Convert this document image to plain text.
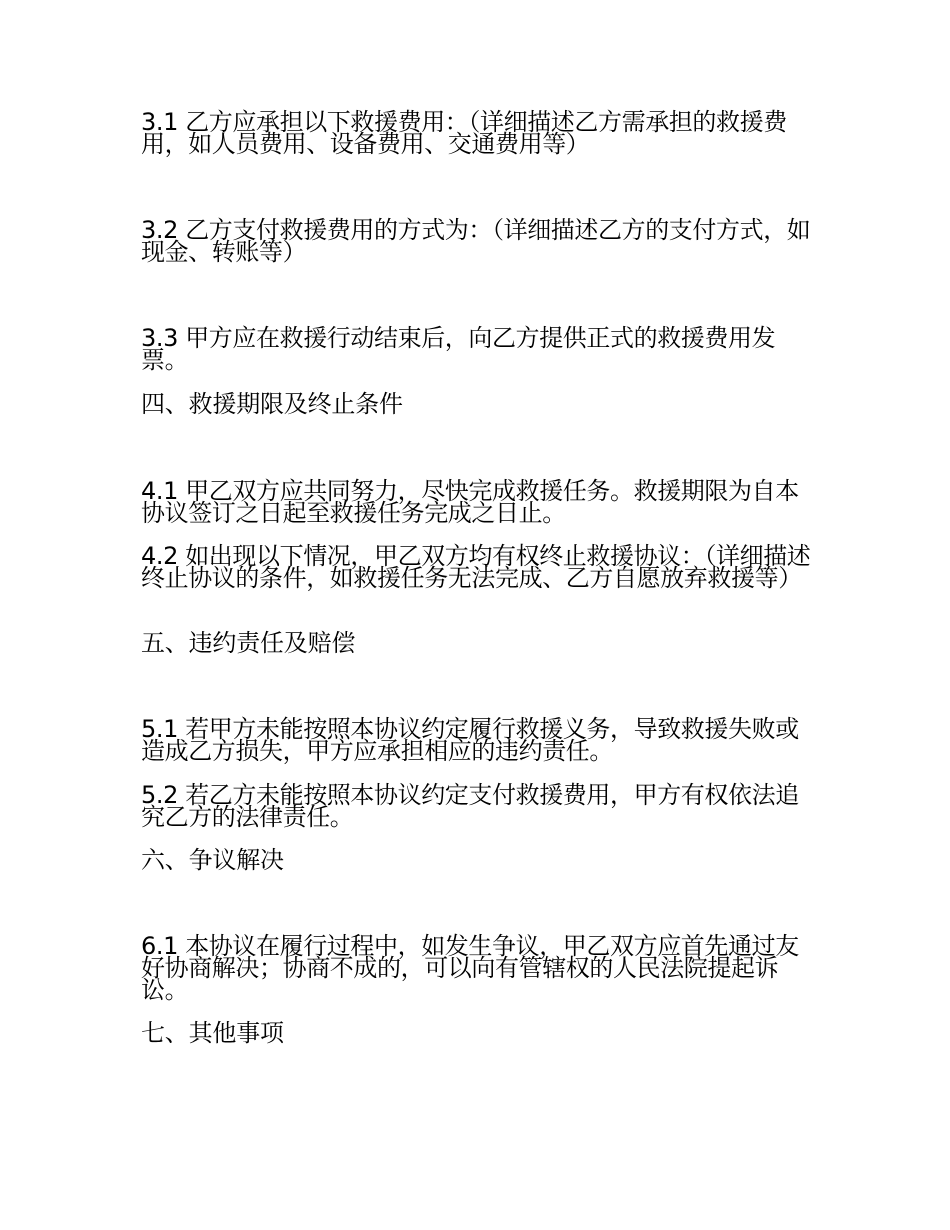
3.1 乙方应承担以下救援费用：（详细描述乙方需承担的救援费用，如人员费用、设备费用、交通费用等）

3.2 乙方支付救援费用的方式为：（详细描述乙方的支付方式，如现金、转账等）

3.3 甲方应在救援行动结束后，向乙方提供正式的救援费用发票。

四、救援期限及终止条件

4.1 甲乙双方应共同努力，尽快完成救援任务。救援期限为自本协议签订之日起至救援任务完成之日止。

4.2 如出现以下情况，甲乙双方均有权终止救援协议：（详细描述终止协议的条件，如救援任务无法完成、乙方自愿放弃救援等）

五、违约责任及赔偿

5.1 若甲方未能按照本协议约定履行救援义务，导致救援失败或造成乙方损失，甲方应承担相应的违约责任。

5.2 若乙方未能按照本协议约定支付救援费用，甲方有权依法追究乙方的法律责任。

六、争议解决

6.1 本协议在履行过程中，如发生争议，甲乙双方应首先通过友好协商解决；协商不成的，可以向有管辖权的人民法院提起诉讼。

七、其他事项
